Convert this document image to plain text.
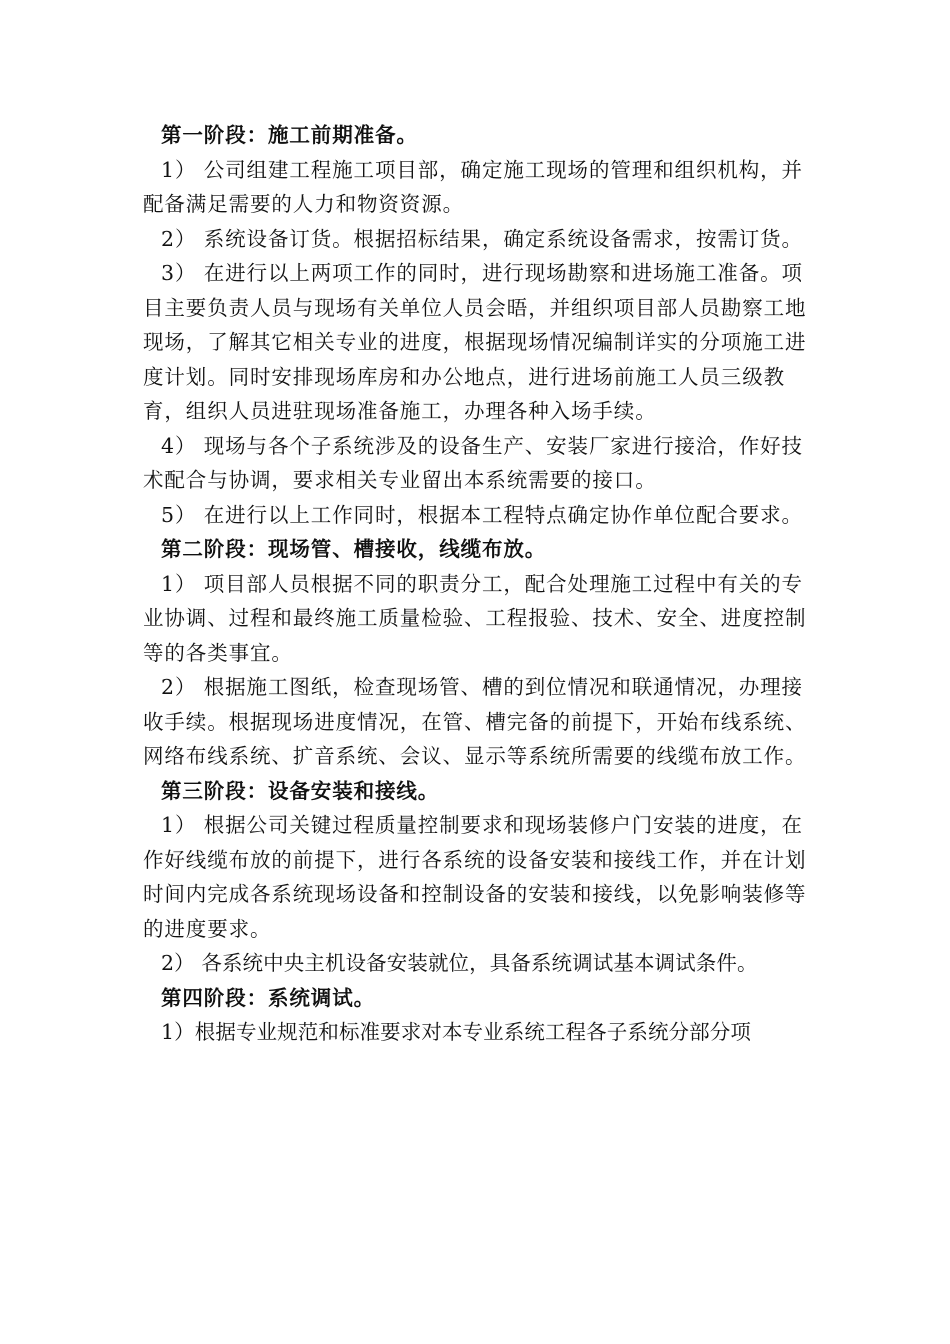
第一阶段：施工前期准备。

1） 公司组建工程施工项目部，确定施工现场的管理和组织机构，并配备满足需要的人力和物资资源。

2） 系统设备订货。根据招标结果，确定系统设备需求，按需订货。

3） 在进行以上两项工作的同时，进行现场勘察和进场施工准备。项目主要负责人员与现场有关单位人员会晤，并组织项目部人员勘察工地现场，了解其它相关专业的进度，根据现场情况编制详实的分项施工进度计划。同时安排现场库房和办公地点，进行进场前施工人员三级教育，组织人员进驻现场准备施工，办理各种入场手续。

4） 现场与各个子系统涉及的设备生产、安装厂家进行接洽，作好技术配合与协调，要求相关专业留出本系统需要的接口。

5） 在进行以上工作同时，根据本工程特点确定协作单位配合要求。

第二阶段：现场管、槽接收，线缆布放。

1） 项目部人员根据不同的职责分工，配合处理施工过程中有关的专业协调、过程和最终施工质量检验、工程报验、技术、安全、进度控制等的各类事宜。

2） 根据施工图纸，检查现场管、槽的到位情况和联通情况，办理接收手续。根据现场进度情况，在管、槽完备的前提下，开始布线系统、网络布线系统、扩音系统、会议、显示等系统所需要的线缆布放工作。

第三阶段：设备安装和接线。

1） 根据公司关键过程质量控制要求和现场装修户门安装的进度，在作好线缆布放的前提下，进行各系统的设备安装和接线工作，并在计划时间内完成各系统现场设备和控制设备的安装和接线，以免影响装修等的进度要求。

2） 各系统中央主机设备安装就位，具备系统调试基本调试条件。

第四阶段：系统调试。

1）根据专业规范和标准要求对本专业系统工程各子系统分部分项
